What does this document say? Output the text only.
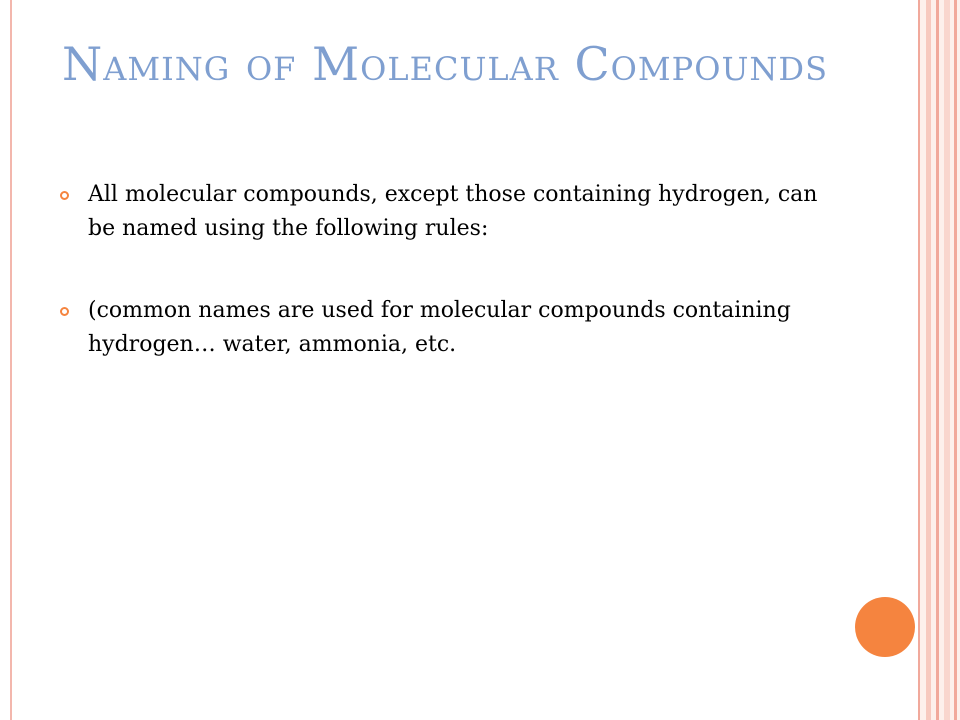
Naming of Molecular Compounds
All molecular compounds, except those containing hydrogen, can be named using the following rules:
(common names are used for molecular compounds containing hydrogen… water, ammonia, etc.
